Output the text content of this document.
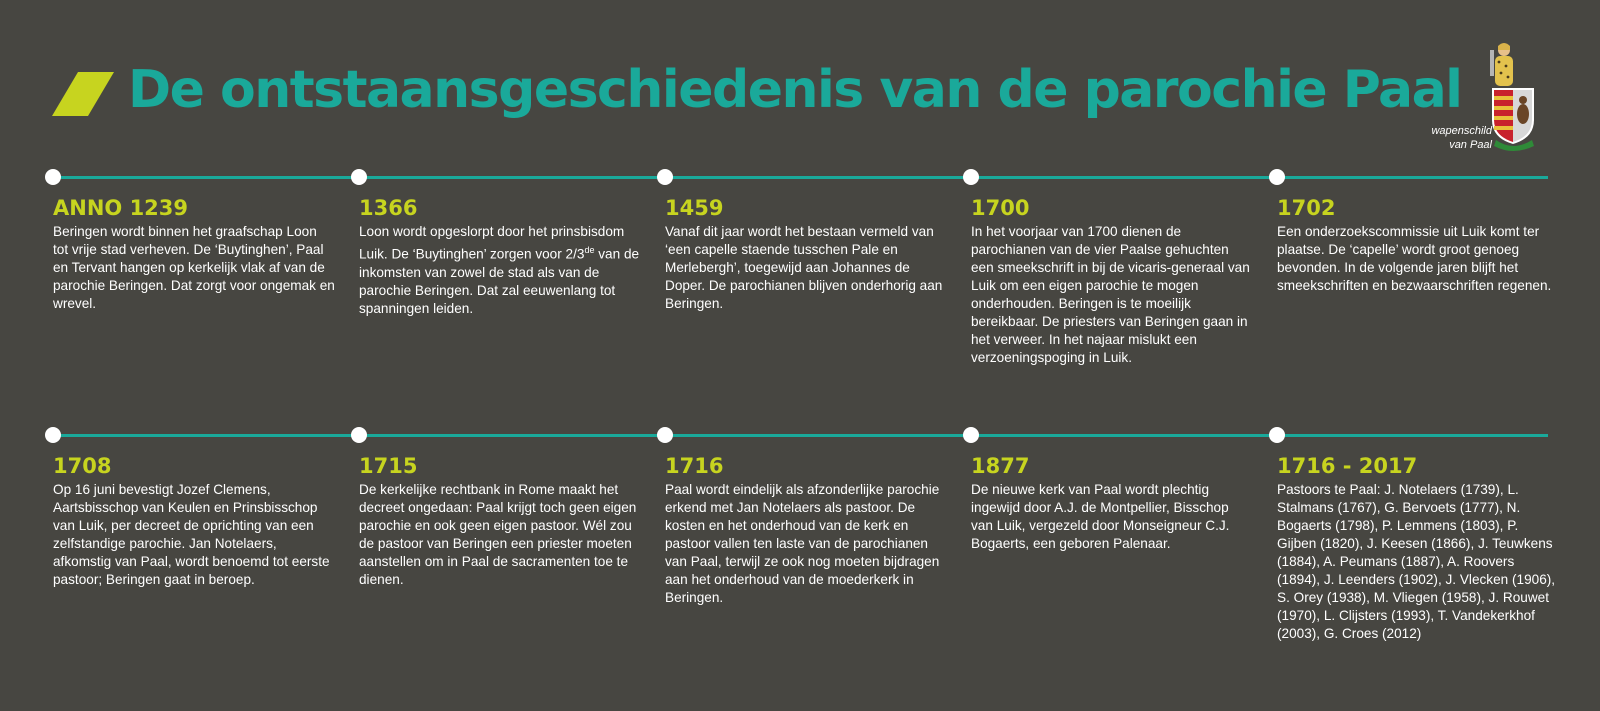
De ontstaansgeschiedenis van de parochie Paal
wapenschild
van Paal
ANNO 1239
Beringen wordt binnen het graafschap Loon tot vrije stad verheven. De ‘Buytinghen’, Paal en Tervant hangen op kerkelijk vlak af van de parochie Beringen. Dat zorgt voor ongemak en wrevel.
1366
Loon wordt opgeslorpt door het prinsbisdom Luik. De ‘Buytinghen’ zorgen voor 2/3de van de inkomsten van zowel de stad als van de parochie Beringen. Dat zal eeuwenlang tot spanningen leiden.
1459
Vanaf dit jaar wordt het bestaan vermeld van ‘een capelle staende tusschen Pale en Merlebergh’, toegewijd aan Johannes de Doper. De parochianen blijven onderhorig aan Beringen.
1700
In het voorjaar van 1700 dienen de parochianen van de vier Paalse gehuchten een smeekschrift in bij de vicaris-generaal van Luik om een eigen parochie te mogen onderhouden. Beringen is te moeilijk bereikbaar. De priesters van Beringen gaan in het verweer. In het najaar mislukt een verzoeningspoging in Luik.
1702
Een onderzoekscommissie uit Luik komt ter plaatse. De ‘capelle’ wordt groot genoeg bevonden. In de volgende jaren blijft het smeekschriften en bezwaarschriften regenen.
1708
Op 16 juni bevestigt Jozef Clemens, Aartsbisschop van Keulen en Prinsbisschop van Luik, per decreet de oprichting van een zelfstandige parochie. Jan Notelaers, afkomstig van Paal, wordt benoemd tot eerste pastoor; Beringen gaat in beroep.
1715
De kerkelijke rechtbank in Rome maakt het decreet ongedaan: Paal krijgt toch geen eigen parochie en ook geen eigen pastoor. Wél zou de pastoor van Beringen een priester moeten aanstellen om in Paal de sacramenten toe te dienen.
1716
Paal wordt eindelijk als afzonderlijke parochie erkend met Jan Notelaers als pastoor. De kosten en het onderhoud van de kerk en pastoor vallen ten laste van de parochianen van Paal, terwijl ze ook nog moeten bijdragen aan het onderhoud van de moederkerk in Beringen.
1877
De nieuwe kerk van Paal wordt plechtig ingewijd door A.J. de Montpellier, Bisschop van Luik, vergezeld door Monseigneur C.J. Bogaerts, een geboren Palenaar.
1716 - 2017
Pastoors te Paal: J. Notelaers (1739), L. Stalmans (1767), G. Bervoets (1777), N. Bogaerts (1798), P. Lemmens (1803), P. Gijben (1820), J. Keesen (1866), J. Teuwkens (1884), A. Peumans (1887), A. Roovers (1894), J. Leenders (1902), J. Vlecken (1906), S. Orey (1938), M. Vliegen (1958), J. Rouwet (1970), L. Clijsters (1993), T. Vandekerkhof (2003), G. Croes (2012)
